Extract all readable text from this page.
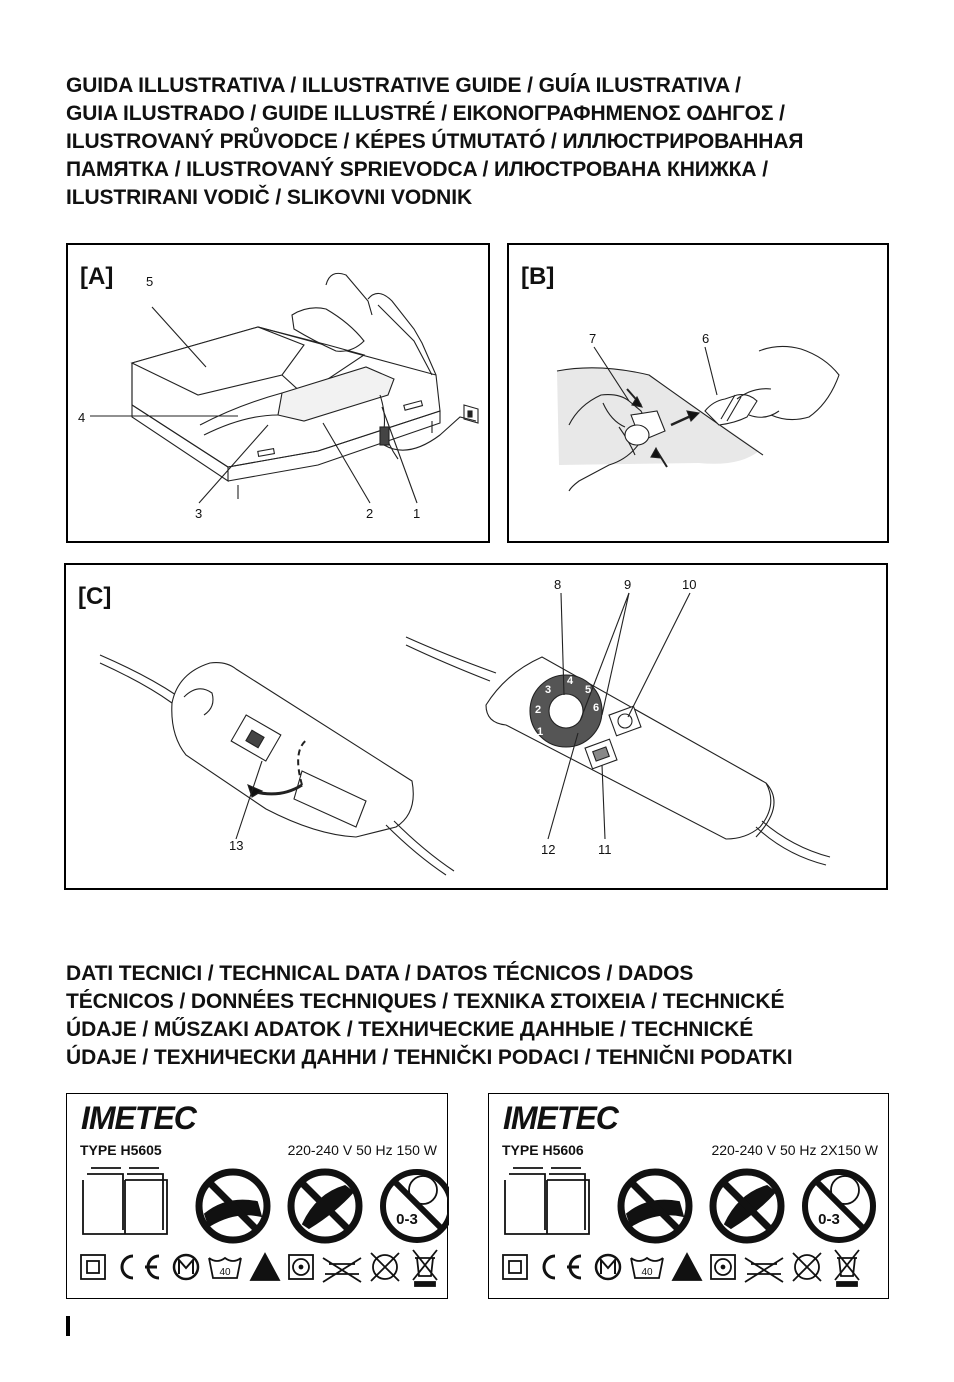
GUIDA ILLUSTRATIVA / ILLUSTRATIVE GUIDE / GUÍA ILUSTRATIVA /
GUIA ILUSTRADO / GUIDE ILLUSTRÉ / ΕΙΚΟΝΟΓΡΑΦΗΜΕΝΟΣ ΟΔΗΓΟΣ /
ILUSTROVANÝ PRŮVODCE / KÉPES ÚTMUTATÓ / ИЛЛЮСТРИРОВАННАЯ
ПАМЯТКА / ILUSTROVANÝ SPRIEVODCA / ИЛЮСТРОВАНА КНИЖКА /
ILUSTRIRANI VODIČ / SLIKOVNI VODNIK
[A]	5
4
3	2	1
[B]
7	6
1
2
3
4
5
6
[C]	8	9	10
13	12	11
DATI TECNICI / TECHNICAL DATA / DATOS TÉCNICOS / DADOS
TÉCNICOS / DONNÉES TECHNIQUES / TEXNIKA ΣΤΟΙΧΕΙΑ / TECHNICKÉ
ÚDAJE / MŰSZAKI ADATOK / ТЕХНИЧЕСКИЕ ДАННЫЕ / TECHNICKÉ
ÚDAJE / ТЕХНИЧЕСКИ ДАННИ / TEHNIČKI PODACI / TEHNIČNI PODATKI
IMETEC
TYPE H5605	220-240 V 50 Hz 150 W
0-3
40
IMETEC
TYPE H5606	220-240 V 50 Hz 2X150 W
0-3
40
